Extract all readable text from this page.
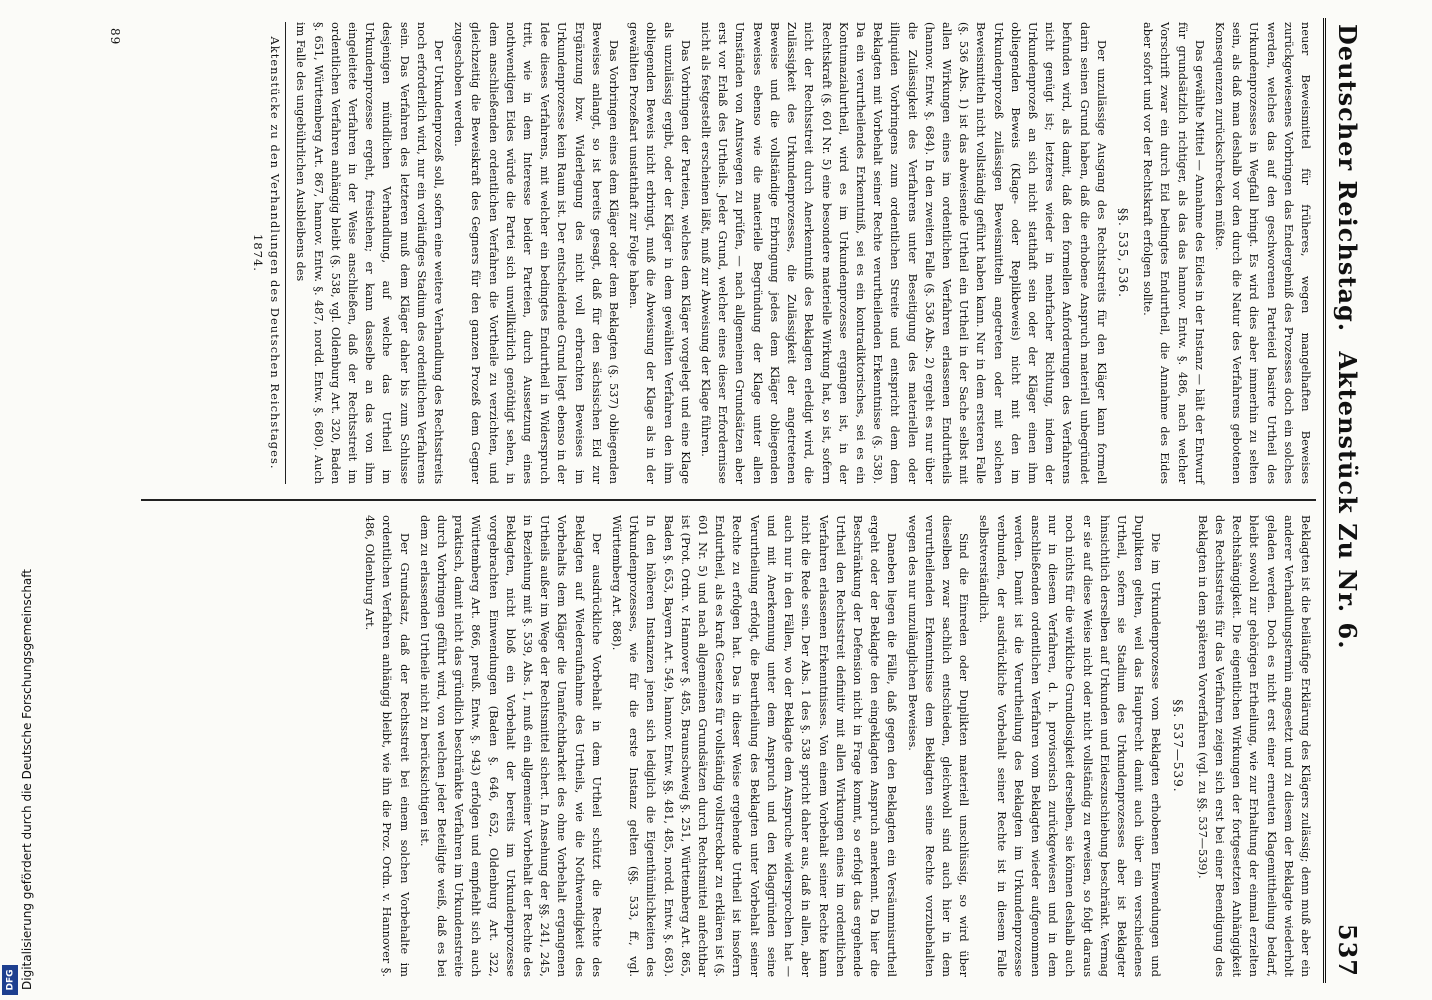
DFG Digitalisierung gefördert durch die Deutsche Forschungsgemeinschaft
Deutscher Reichstag.
Aktenstück Zu Nr. 6.
537

neuer Beweismittel für früheres, wegen mangelhaften Beweises zurückgewiesenes Vorbringen das Endergebniß des Prozesses doch ein solches werden, welches das auf den geschworenen Parteieid basirte Urtheil des Urkundenprozesses in Wegfall bringt. Es wird dies aber immerhin zu selten sein, als daß man deshalb vor den durch die Natur des Verfahrens gebotenen Konsequenzen zurückschrecken müßte.

Das gewählte Mittel — Annahme des Eides in der Instanz — hält der Entwurf für grundsätzlich richtiger, als das das hannov. Entw. §. 486, nach welcher Vorschrift zwar ein durch Eid bedingtes Endurtheil, die Annahme des Eides aber sofort und vor der Rechtskraft erfolgen sollte.

§§. 535, 536.

Der unzulässige Ausgang des Rechtsstreits für den Kläger kann formell darin seinen Grund haben, daß die erhobene Anspruch materiell unbegründet befunden wird, als damit, daß den formellen Anforderungen des Verfahrens nicht genügt ist; letzteres wieder in mehrfacher Richtung, indem der Urkundenprozeß an sich nicht statthaft sein oder der Kläger einen ihm obliegenden Beweis (Klage- oder Replikbeweis) nicht mit den im Urkundenprozeß zulässigen Beweismitteln angetreten oder mit solchen Beweismitteln nicht vollständig geführt haben kann. Nur in dem ersteren Falle (§. 536 Abs. 1) ist das abweisende Urtheil ein Urtheil in der Sache selbst mit allen Wirkungen eines im ordentlichen Verfahren erlassenen Endurtheils (hannov. Entw. §. 684). In den zweiten Falle (§. 536 Abs. 2) ergeht es nur über die Zulässigkeit des Verfahrens unter Beseitigung des materiellen oder illiquiden Vorbringens zum ordentlichen Streite und entspricht dem dem Beklagten mit Vorbehalt seiner Rechte verurtheilenden Erkenntnisse (§. 538). Da ein verurtheilendes Erkenntniß, sei es ein kontradiktorisches, sei es ein Kontumazialurtheil, wird es im Urkundenprozesse ergangen ist, in der Rechtskraft (§. 601 Nr. 5) eine besondere materielle Wirkung hat, so ist, sofern nicht der Rechtsstreit durch Anerkenntniß des Beklagten erledigt wird, die Zulässigkeit des Urkundenprozesses, die Zulässigkeit der angetretenen Beweise und die vollständige Erbringung jedes dem Kläger obliegenden Beweises ebenso wie die materielle Begründung der Klage unter allen Umständen von Amtswegen zu prüfen, — nach allgemeinen Grundsätzen aber erst vor Erlaß des Urtheils. Jeder Grund, welcher eines dieser Erfordernisse nicht als festgestellt erscheinen läßt, muß zur Abweisung der Klage führen.

Das Vorbringen der Parteien, welches dem Kläger vorgelegt und eine Klage als unzulässig ergibt, oder der Kläger in dem gewählten Verfahren den ihm obliegenden Beweis nicht erbringt, muß die Abweisung der Klage als in der gewählten Prozeßart unstatthaft zur Folge haben.

Das Vorbringen eines dem Kläger oder dem Beklagten (§. 537) obliegenden Beweises anlangt, so ist bereits gesagt, daß für den sächsischen Eid zur Ergänzung bzw. Widerlegung des nicht voll erbrachten Beweises im Urkundenprozesse kein Raum ist. Der entscheidende Grund liegt ebenso in der Idee dieses Verfahrens, mit welcher ein bedingtes Endurtheil in Widerspruch tritt, wie in dem Interesse beider Parteien, durch Aussetzung eines nothwendigen Eides würde die Partei sich unwillkürlich genöthigt sehen, in dem anschließenden ordentlichen Verfahren die Vortheile zu verzichten, und gleichzeitig die Beweiskraft des Gegners für den ganzen Prozeß dem Gegner zugeschoben werden.

Der Urkundenprozeß soll, sofern eine weitere Verhandlung des Rechtsstreits noch erforderlich wird, nur ein vorläufiges Stadium des ordentlichen Verfahrens sein. Das Verfahren des letzteren muß dem Kläger daher bis zum Schlusse desjenigen mündlichen Verhandlung, auf welche das Urtheil im Urkundenprozesse ergeht, freistehen; er kann dasselbe an das von ihm eingeleitete Verfahren in der Weise anschließen, daß der Rechtsstreit im ordentlichen Verfahren anhängig bleibt (§. 538, vgl. Oldenburg Art. 320, Baden §. 651, Württemberg Art. 867, hannov. Entw. §. 487, nordd. Entw. §. 680). Auch im Falle des ungebührlichen Ausbleibens des

Aktenstücke zu den Verhandlungen des Deutschen Reichstages. 1874.

Beklagten ist die beiläufige Erklärung des Klägers zulässig; denn muß aber ein anderer Verhandlungstermin angesetzt und zu diesem der Beklagte wiederholt geladen werden. Doch es nicht erst einer erneuten Klagemittheilung bedarf, bleibt sowohl zur gehörigen Ertheilung, wie zur Erhaltung der einmal erzielten Rechtshängigkeit. Die eigentlichen Wirkungen der fortgesetzten Anhängigkeit des Rechtsstreits für das Verfahren zeigen sich erst bei einer Beendigung des Beklagten in dem späteren Vorverfahren (vgl. zu §§. 537—539).

§§. 537—539.

Die im Urkundenprozesse vom Beklagten erhobenen Einwendungen und Duplikten gelten, weil das Hauptrecht damit auch über ein verschiedenes Urtheil, sofern sie Stadium des Urkundenprozesses aber ist Beklagter hinsichtlich derselben auf Urkunden und Eideszuschiebung beschränkt. Vermag er sie auf diese Weise nicht oder nicht vollständig zu erweisen, so folgt daraus noch nichts für die wirkliche Grundlosigkeit derselben, sie können deshalb auch nur in diesem Verfahren, d. h. provisorisch zurückgewiesen und in dem anschließenden ordentlichen Verfahren vom Beklagten wieder aufgenommen werden. Damit ist die Verurtheilung des Beklagten im Urkundenprozesse verbunden, der ausdrückliche Vorbehalt seiner Rechte ist in diesem Falle selbstverständlich.

Sind die Einreden oder Duplikten materiell unschlüssig, so wird über dieselben zwar sachlich entschieden, gleichwohl sind auch hier in dem verurtheilenden Erkenntnisse dem Beklagten seine Rechte vorzubehalten wegen des nur unzulänglichen Beweises.

Daneben liegen die Fälle, daß gegen den Beklagten ein Versäumnisurtheil ergeht oder der Beklagte den eingeklagten Anspruch anerkennt. Da hier die Beschränkung der Defension nicht in Frage kommt, so erfolgt das ergehende Urtheil den Rechtsstreit definitiv mit allen Wirkungen eines im ordentlichen Verfahren erlassenen Erkenntnisses. Von einem Vorbehalt seiner Rechte kann nicht die Rede sein. Der Abs. 1 des §. 538 spricht daher aus, daß in allen, aber auch nur in den Fällen, wo der Beklagte dem Anspruche widersprochen hat — und mit Anerkennung unter dem Anspruch und den Klaggründen seine Verurtheilung erfolgt, die Beurtheilung des Beklagten unter Vorbehalt seiner Rechte zu erfolgen hat. Das in dieser Weise ergehende Urtheil ist insofern Endurtheil, als es kraft Gesetzes für vollständig vollstreckbar zu erklären ist (§. 601 Nr. 5) und nach allgemeinen Grundsätzen durch Rechtsmittel anfechtbar ist (Prot. Ordn. v. Hannover §. 485, Braunschweig §. 251, Württemberg Art. 865, Baden §. 653, Bayern Art. 549, hannov. Entw. §§. 481, 485, nordd. Entw. §. 683). In den höheren Instanzen jenen sich lediglich die Eigenthümlichkeiten des Urkundenprozesses, wie für die erste Instanz gelten (§§. 533, ff., vgl. Württemberg Art. 868).

Der ausdrückliche Vorbehalt in dem Urtheil schützt die Rechte des Beklagten auf Wiederaufnahme des Urtheils, wie die Nothwendigkeit des Vorbehalts dem Kläger die Unanfechtbarkeit des ohne Vorbehalt ergangenen Urtheils außer im Wege der Rechtsmittel sichert. In Ansehung der §§. 241, 245, in Beziehung mit §. 539, Abs. 1, muß ein allgemeiner Vorbehalt der Rechte des Beklagten, nicht bloß ein Vorbehalt der bereits im Urkundenprozesse vorgebrachten Einwendungen (Baden §. 646, 652, Oldenburg Art. 322, Württemberg Art. 866, preuß. Entw. §. 943) erfolgen und empfiehlt sich auch praktisch, damit nicht das gründlich beschränkte Verfahren im Urkundenstreite durch Vorbringen geführt wird, von welchen jeder Beteiligte weiß, daß es bei dem zu erlassenden Urtheile nicht zu berücksichtigen ist.

Der Grundsatz, daß der Rechtsstreit bei einem solchen Vorbehalte im ordentlichen Verfahren anhängig bleibt, wie ihn die Proz. Ordn. v. Hannover §. 486, Oldenburg Art.

89
